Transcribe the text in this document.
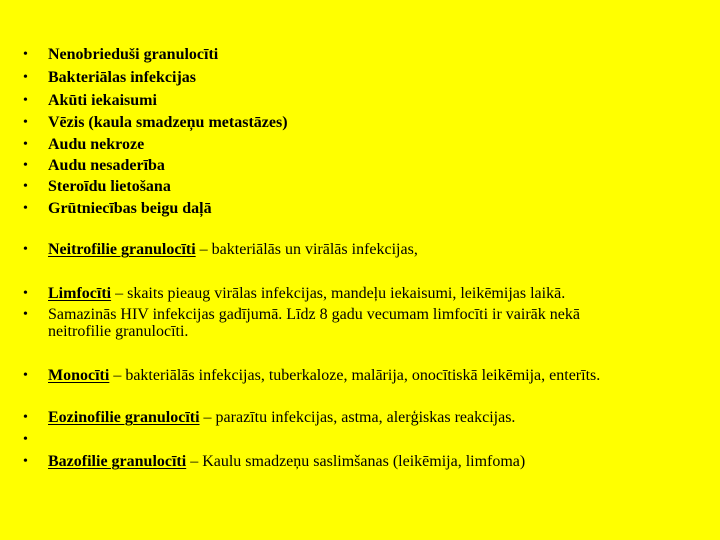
• Nenobrieduši granulocīti
• Bakteriālas infekcijas
• Akūti iekaisumi
• Vēzis (kaula smadzeņu metastāzes)
• Audu nekroze
• Audu nesaderība
• Steroīdu lietošana
• Grūtniecības beigu daļā
• Neitrofilie granulocīti – bakteriālās un virālās infekcijas,
• Limfocīti – skaits pieaug virālas infekcijas, mandeļu iekaisumi, leikēmijas laikā.
• Samazinās HIV infekcijas gadījumā. Līdz 8 gadu vecumam limfocīti ir vairāk nekā
neitrofilie granulocīti.
• Monocīti – bakteriālās infekcijas, tuberkaloze, malārija, onocītiskā leikēmija, enterīts.
• Eozinofilie granulocīti – parazītu infekcijas, astma, alerģiskas reakcijas.
•
• Bazofilie granulocīti – Kaulu smadzeņu saslimšanas (leikēmija, limfoma)
